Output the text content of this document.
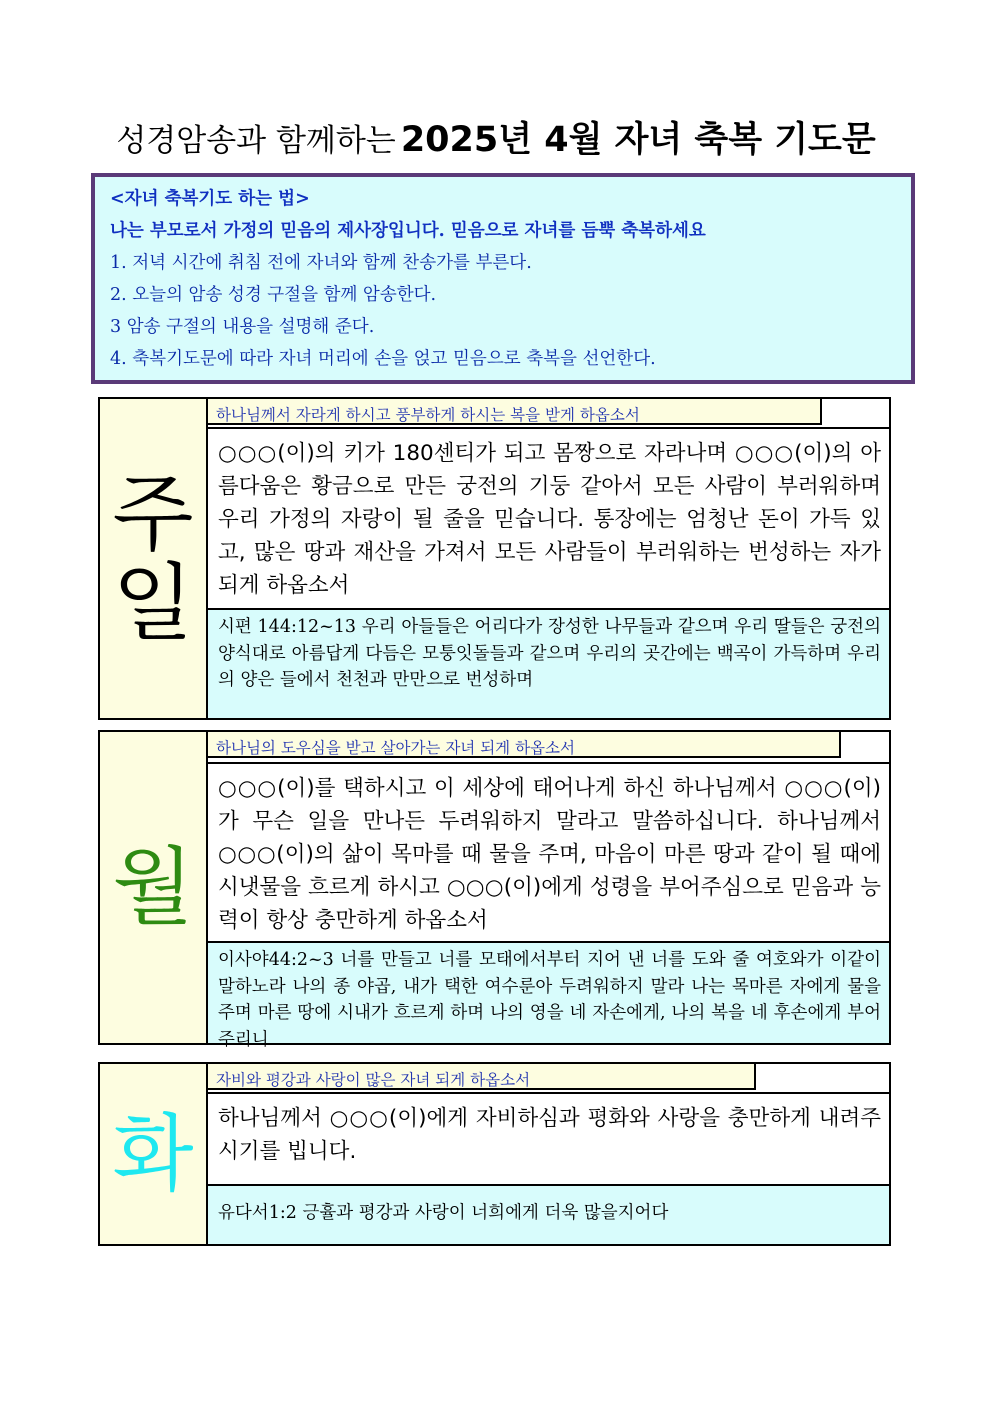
성경암송과 함께하는 2025년 4월 자녀 축복 기도문
<자녀 축복기도 하는 법>
나는 부모로서 가정의 믿음의 제사장입니다. 믿음으로 자녀를 듬뿍 축복하세요
1. 저녁 시간에 취침 전에 자녀와 함께 찬송가를 부른다.
2. 오늘의 암송 성경 구절을 함께 암송한다.
3 암송 구절의 내용을 설명해 준다.
4. 축복기도문에 따라 자녀 머리에 손을 얹고 믿음으로 축복을 선언한다.
주
일
하나님께서 자라게 하시고 풍부하게 하시는 복을 받게 하옵소서
○○○(이)의 키가 180센티가 되고 몸짱으로 자라나며 ○○○(이)의 아름다움은 황금으로 만든 궁전의 기둥 같아서 모든 사람이 부러워하며 우리 가정의 자랑이 될 줄을 믿습니다. 통장에는 엄청난 돈이 가득 있고, 많은 땅과 재산을 가져서 모든 사람들이 부러워하는 번성하는 자가 되게 하옵소서
시편 144:12~13 우리 아들들은 어리다가 장성한 나무들과 같으며 우리 딸들은 궁전의 양식대로 아름답게 다듬은 모퉁잇돌들과 같으며 우리의 곳간에는 백곡이 가득하며 우리의 양은 들에서 천천과 만만으로 번성하며
월
하나님의 도우심을 받고 살아가는 자녀 되게 하옵소서
○○○(이)를 택하시고 이 세상에 태어나게 하신 하나님께서 ○○○(이)가 무슨 일을 만나든 두려워하지 말라고 말씀하십니다. 하나님께서 ○○○(이)의 삶이 목마를 때 물을 주며, 마음이 마른 땅과 같이 될 때에 시냇물을 흐르게 하시고 ○○○(이)에게 성령을 부어주심으로 믿음과 능력이 항상 충만하게 하옵소서
이사야44:2~3 너를 만들고 너를 모태에서부터 지어 낸 너를 도와 줄 여호와가 이같이 말하노라 나의 종 야곱, 내가 택한 여수룬아 두려워하지 말라 나는 목마른 자에게 물을 주며 마른 땅에 시내가 흐르게 하며 나의 영을 네 자손에게, 나의 복을 네 후손에게 부어 주리니
화
자비와 평강과 사랑이 많은 자녀 되게 하옵소서
하나님께서 ○○○(이)에게 자비하심과 평화와 사랑을 충만하게 내려주시기를 빕니다.
유다서1:2 긍휼과 평강과 사랑이 너희에게 더욱 많을지어다
